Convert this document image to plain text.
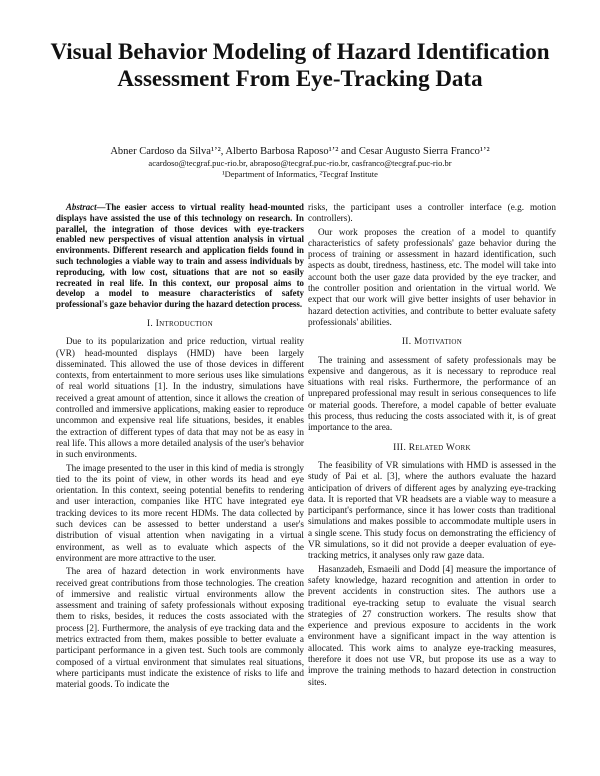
Visual Behavior Modeling of Hazard Identification Assessment From Eye-Tracking Data
Abner Cardoso da Silva¹ʼ², Alberto Barbosa Raposo¹ʼ² and Cesar Augusto Sierra Franco¹ʼ²
acardoso@tecgraf.puc-rio.br, abraposo@tecgraf.puc-rio.br, casfranco@tecgraf.puc-rio.br
¹Department of Informatics, ²Tecgraf Institute

Abstract—The easier access to virtual reality head-mounted displays have assisted the use of this technology on research. In parallel, the integration of those devices with eye-trackers enabled new perspectives of visual attention analysis in virtual environments. Different research and application fields found in such technologies a viable way to train and assess individuals by reproducing, with low cost, situations that are not so easily recreated in real life. In this context, our proposal aims to develop a model to measure characteristics of safety professional's gaze behavior during the hazard detection process.

I. Introduction

Due to its popularization and price reduction, virtual reality (VR) head-mounted displays (HMD) have been largely disseminated. This allowed the use of those devices in different contexts, from entertainment to more serious uses like simulations of real world situations [1]. In the industry, simulations have received a great amount of attention, since it allows the creation of controlled and immersive applications, making easier to reproduce uncommon and expensive real life situations, besides, it enables the extraction of different types of data that may not be as easy in real life. This allows a more detailed analysis of the user's behavior in such environments.

The image presented to the user in this kind of media is strongly tied to the its point of view, in other words its head and eye orientation. In this context, seeing potential benefits to rendering and user interaction, companies like HTC have integrated eye tracking devices to its more recent HDMs. The data collected by such devices can be assessed to better understand a user's distribution of visual attention when navigating in a virtual environment, as well as to evaluate which aspects of the environment are more attractive to the user.

The area of hazard detection in work environments have received great contributions from those technologies. The creation of immersive and realistic virtual environments allow the assessment and training of safety professionals without exposing them to risks, besides, it reduces the costs associated with the process [2]. Furthermore, the analysis of eye tracking data and the metrics extracted from them, makes possible to better evaluate a participant performance in a given test. Such tools are commonly composed of a virtual environment that simulates real situations, where participants must indicate the existence of risks to life and material goods. To indicate the

risks, the participant uses a controller interface (e.g. motion controllers).

Our work proposes the creation of a model to quantify characteristics of safety professionals' gaze behavior during the process of training or assessment in hazard identification, such aspects as doubt, tiredness, hastiness, etc. The model will take into account both the user gaze data provided by the eye tracker, and the controller position and orientation in the virtual world. We expect that our work will give better insights of user behavior in hazard detection activities, and contribute to better evaluate safety professionals' abilities.

II. Motivation

The training and assessment of safety professionals may be expensive and dangerous, as it is necessary to reproduce real situations with real risks. Furthermore, the performance of an unprepared professional may result in serious consequences to life or material goods. Therefore, a model capable of better evaluate this process, thus reducing the costs associated with it, is of great importance to the area.

III. Related Work

The feasibility of VR simulations with HMD is assessed in the study of Pai et al. [3], where the authors evaluate the hazard anticipation of drivers of different ages by analyzing eye-tracking data. It is reported that VR headsets are a viable way to measure a participant's performance, since it has lower costs than traditional simulations and makes possible to accommodate multiple users in a single scene. This study focus on demonstrating the efficiency of VR simulations, so it did not provide a deeper evaluation of eye-tracking metrics, it analyses only raw gaze data.

Hasanzadeh, Esmaeili and Dodd [4] measure the importance of safety knowledge, hazard recognition and attention in order to prevent accidents in construction sites. The authors use a traditional eye-tracking setup to evaluate the visual search strategies of 27 construction workers. The results show that experience and previous exposure to accidents in the work environment have a significant impact in the way attention is allocated. This work aims to analyze eye-tracking measures, therefore it does not use VR, but propose its use as a way to improve the training methods to hazard detection in construction sites.
